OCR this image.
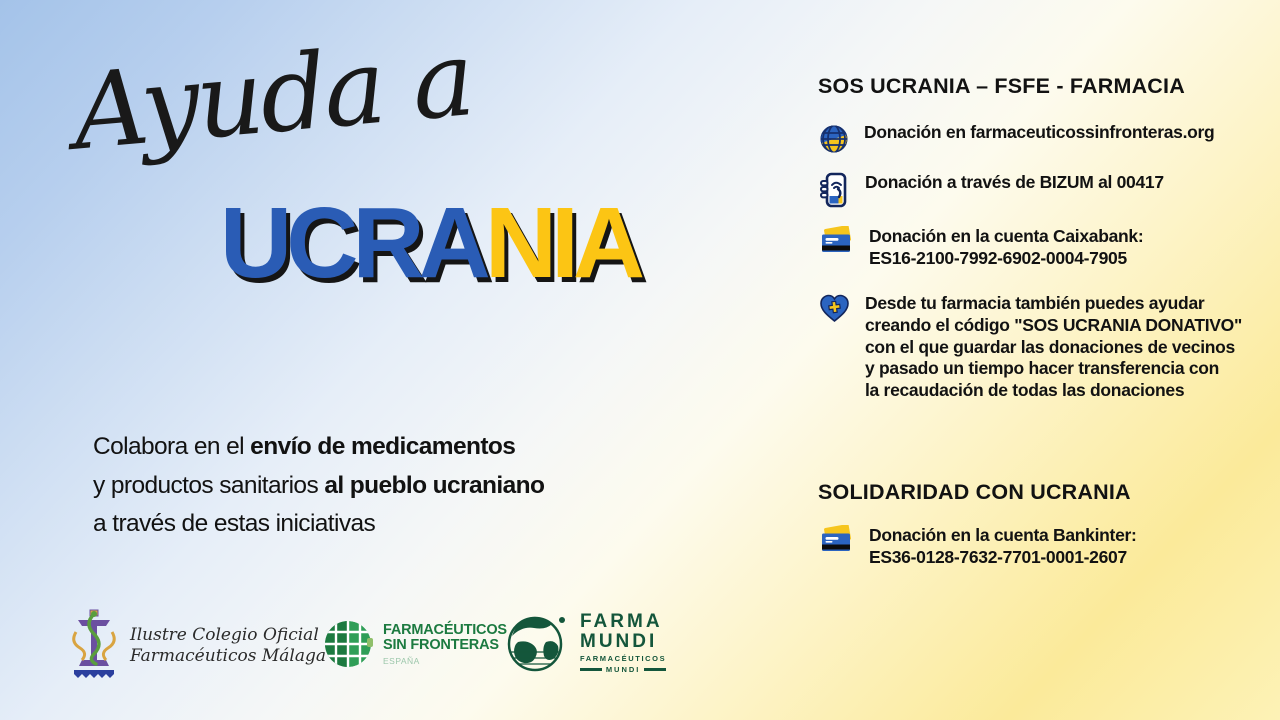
Ayuda a
UCRANIA
Colabora en el envío de medicamentos
y productos sanitarios al pueblo ucraniano
a través de estas iniciativas
SOS UCRANIA – FSFE - FARMACIA
Donación en farmaceuticossinfronteras.org
Donación a través de BIZUM al 00417
Donación en la cuenta Caixabank:
ES16-2100-7992-6902-0004-7905
Desde tu farmacia también puedes ayudar
creando el código "SOS UCRANIA DONATIVO"
con el que guardar las donaciones de vecinos
y pasado un tiempo hacer transferencia con
la recaudación de todas las donaciones
SOLIDARIDAD CON UCRANIA
Donación en la cuenta Bankinter:
ES36-0128-7632-7701-0001-2607
Ilustre Colegio Oficial
Farmacéuticos Málaga
FARMACÉUTICOS
SIN FRONTERAS
ESPAÑA
FARMA
MUNDI
FARMACÉUTICOS
MUNDI
